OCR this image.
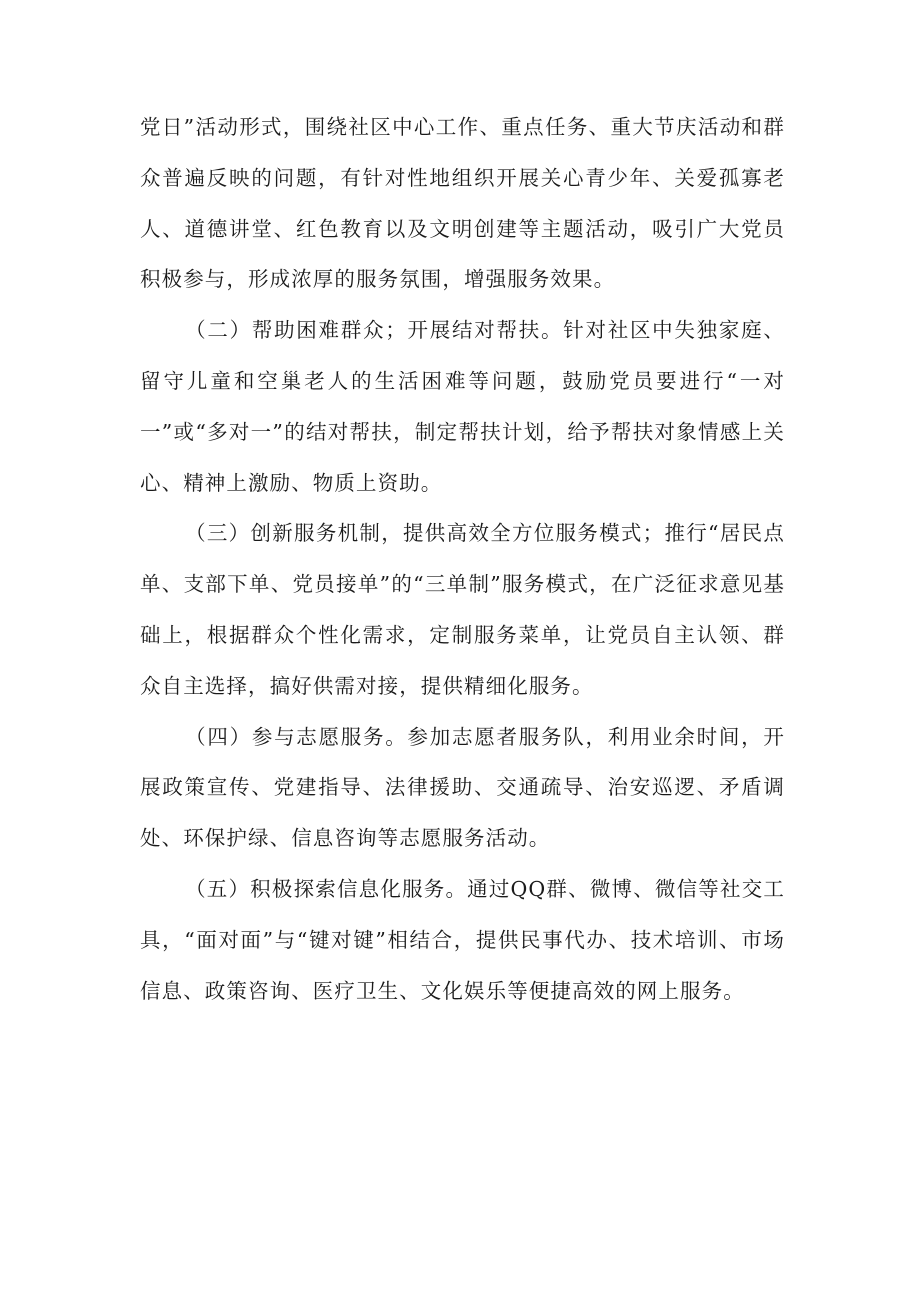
党日”活动形式，围绕社区中心工作、重点任务、重大节庆活动和群众普遍反映的问题，有针对性地组织开展关心青少年、关爱孤寡老人、道德讲堂、红色教育以及文明创建等主题活动，吸引广大党员积极参与，形成浓厚的服务氛围，增强服务效果。

（二）帮助困难群众；开展结对帮扶。针对社区中失独家庭、留守儿童和空巢老人的生活困难等问题，鼓励党员要进行“一对一”或“多对一”的结对帮扶，制定帮扶计划，给予帮扶对象情感上关心、精神上激励、物质上资助。

（三）创新服务机制，提供高效全方位服务模式；推行“居民点单、支部下单、党员接单”的“三单制”服务模式，在广泛征求意见基础上，根据群众个性化需求，定制服务菜单，让党员自主认领、群众自主选择，搞好供需对接，提供精细化服务。

（四）参与志愿服务。参加志愿者服务队，利用业余时间，开展政策宣传、党建指导、法律援助、交通疏导、治安巡逻、矛盾调处、环保护绿、信息咨询等志愿服务活动。

（五）积极探索信息化服务。通过QQ群、微博、微信等社交工具，“面对面”与“键对键”相结合，提供民事代办、技术培训、市场信息、政策咨询、医疗卫生、文化娱乐等便捷高效的网上服务。
